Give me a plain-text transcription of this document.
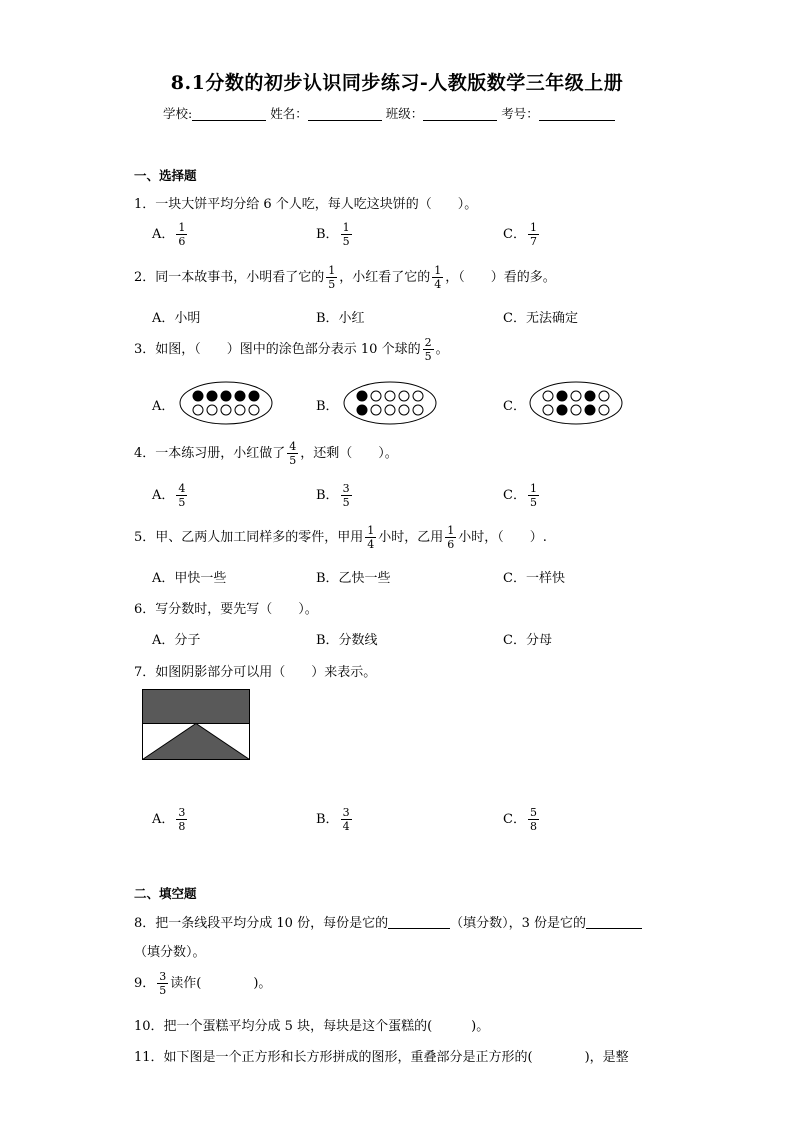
8.1分数的初步认识同步练习-人教版数学三年级上册
学校:	姓名：	班级：	考号：
一、选择题
1．一块大饼平均分给 6 个人吃，每人吃这块饼的（　　）。
A． $\frac{1}{6}$	B． $\frac{1}{5}$	C． $\frac{1}{7}$
2．同一本故事书，小明看了它的 $\frac{1}{5}$ ，小红看了它的 $\frac{1}{4}$ ，（　　）看的多。
A．小明	B．小红	C．无法确定
3．如图，（　　）图中的涂色部分表示 10 个球的 $\frac{2}{5}$ 。
A．	B．	C．
4．一本练习册，小红做了 $\frac{4}{5}$ ，还剩（　　）。
A． $\frac{4}{5}$	B． $\frac{3}{5}$	C． $\frac{1}{5}$
5．甲、乙两人加工同样多的零件，甲用 $\frac{1}{4}$ 小时，乙用 $\frac{1}{6}$ 小时，（　　）.
A．甲快一些	B．乙快一些	C．一样快
6．写分数时，要先写（　　）。
A．分子	B．分数线	C．分母
7．如图阴影部分可以用（　　）来表示。
A． $\frac{3}{8}$	B． $\frac{3}{4}$	C． $\frac{5}{8}$
二、填空题
8．把一条线段平均分成 10 份，每份是它的	（填分数），3 份是它的
（填分数）。
9． $\frac{3}{5}$ 读作(　　　　)。
10．把一个蛋糕平均分成 5 块，每块是这个蛋糕的(　　　)。
11．如下图是一个正方形和长方形拼成的图形，重叠部分是正方形的(　　　　)，是整
